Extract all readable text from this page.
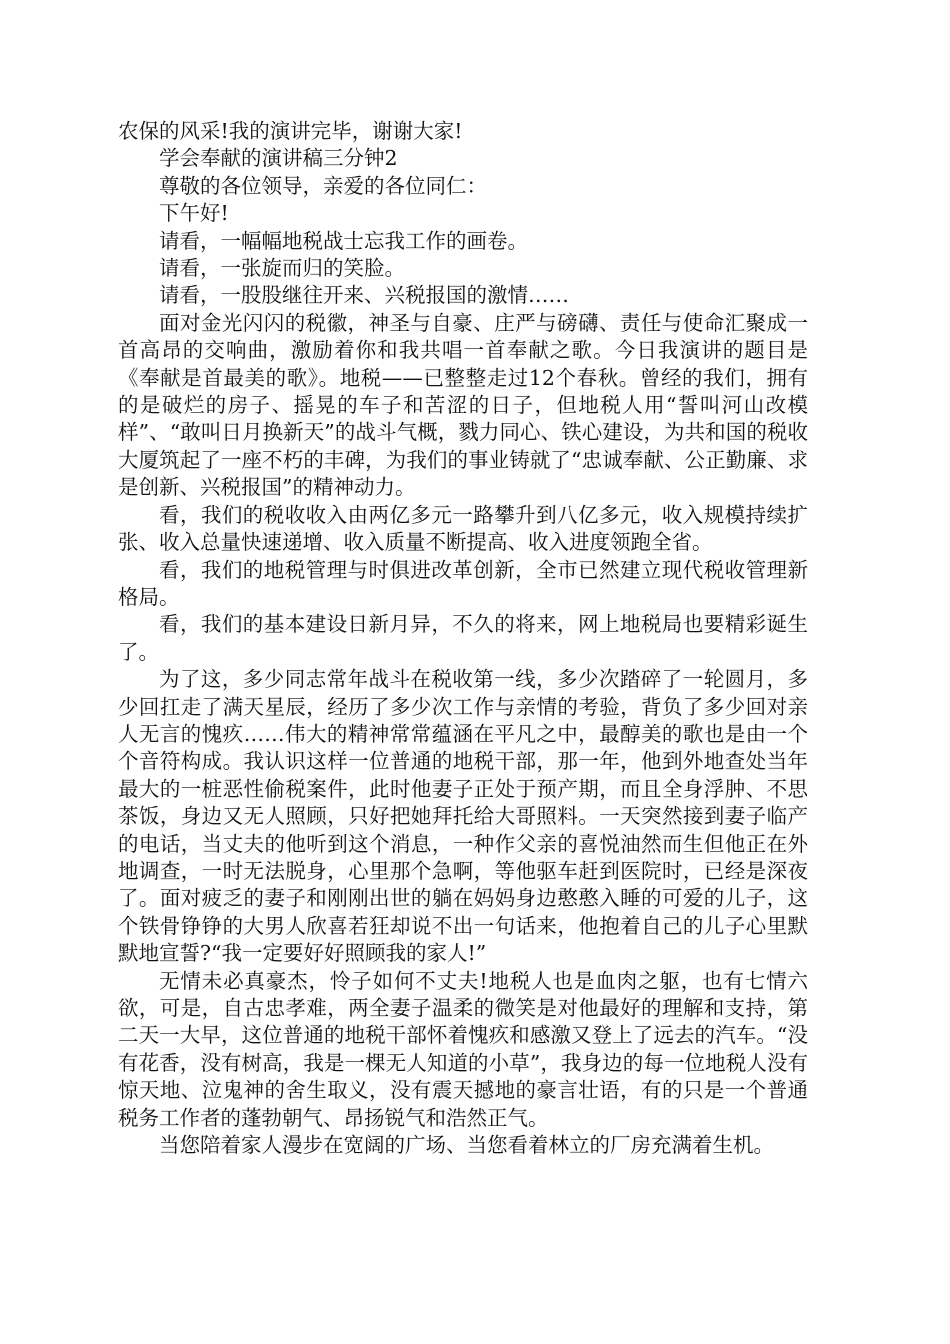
农保的风采!我的演讲完毕，谢谢大家!

学会奉献的演讲稿三分钟2

尊敬的各位领导，亲爱的各位同仁：

下午好!

请看，一幅幅地税战士忘我工作的画卷。

请看，一张旋而归的笑脸。

请看，一股股继往开来、兴税报国的激情……

面对金光闪闪的税徽，神圣与自豪、庄严与磅礴、责任与使命汇聚成一首高昂的交响曲，激励着你和我共唱一首奉献之歌。今日我演讲的题目是《奉献是首最美的歌》。地税——已整整走过12个春秋。曾经的我们，拥有的是破烂的房子、摇晃的车子和苦涩的日子，但地税人用“誓叫河山改模样”、“敢叫日月换新天”的战斗气概，戮力同心、铁心建设，为共和国的税收大厦筑起了一座不朽的丰碑，为我们的事业铸就了“忠诚奉献、公正勤廉、求是创新、兴税报国”的精神动力。

看，我们的税收收入由两亿多元一路攀升到八亿多元，收入规模持续扩张、收入总量快速递增、收入质量不断提高、收入进度领跑全省。

看，我们的地税管理与时俱进改革创新，全市已然建立现代税收管理新格局。

看，我们的基本建设日新月异，不久的将来，网上地税局也要精彩诞生了。

为了这，多少同志常年战斗在税收第一线，多少次踏碎了一轮圆月，多少回扛走了满天星辰，经历了多少次工作与亲情的考验，背负了多少回对亲人无言的愧疚……伟大的精神常常蕴涵在平凡之中，最醇美的歌也是由一个个音符构成。我认识这样一位普通的地税干部，那一年，他到外地查处当年最大的一桩恶性偷税案件，此时他妻子正处于预产期，而且全身浮肿、不思茶饭，身边又无人照顾，只好把她拜托给大哥照料。一天突然接到妻子临产的电话，当丈夫的他听到这个消息，一种作父亲的喜悦油然而生但他正在外地调查，一时无法脱身，心里那个急啊，等他驱车赶到医院时，已经是深夜了。面对疲乏的妻子和刚刚出世的躺在妈妈身边憨憨入睡的可爱的儿子，这个铁骨铮铮的大男人欣喜若狂却说不出一句话来，他抱着自己的儿子心里默默地宣誓?“我一定要好好照顾我的家人!”

无情未必真豪杰，怜子如何不丈夫!地税人也是血肉之躯，也有七情六欲，可是，自古忠孝难，两全妻子温柔的微笑是对他最好的理解和支持，第二天一大早，这位普通的地税干部怀着愧疚和感激又登上了远去的汽车。“没有花香，没有树高，我是一棵无人知道的小草”，我身边的每一位地税人没有惊天地、泣鬼神的舍生取义，没有震天撼地的豪言壮语，有的只是一个普通税务工作者的蓬勃朝气、昂扬锐气和浩然正气。

当您陪着家人漫步在宽阔的广场、当您看着林立的厂房充满着生机。
